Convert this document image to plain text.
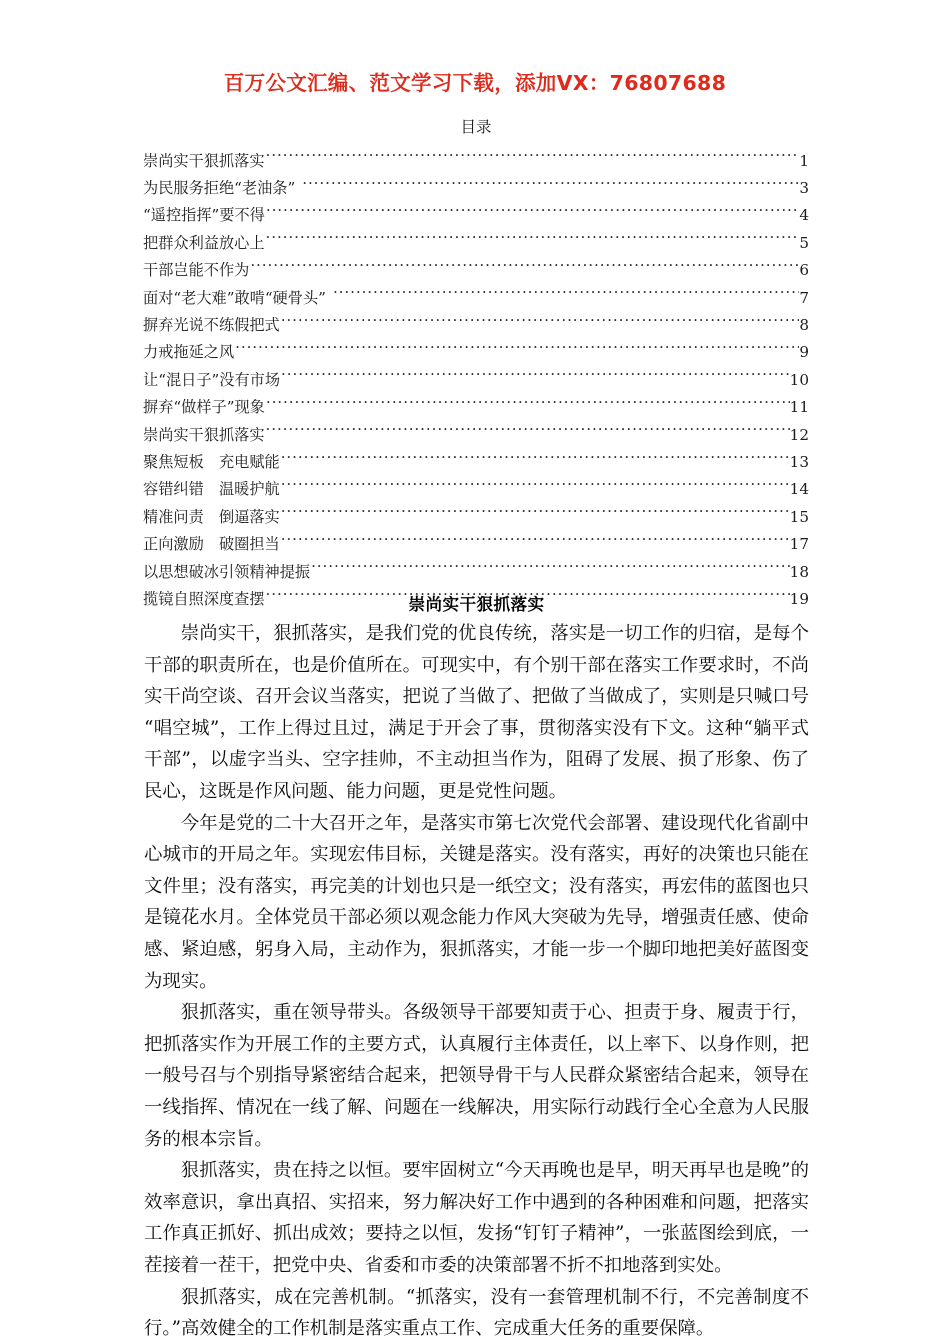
百万公文汇编、范文学习下载，添加VX：76807688
目录
崇尚实干狠抓落实 .....	1
为民服务拒绝“老油条” .....	3
“遥控指挥”要不得 .....	4
把群众利益放心上 .....	5
干部岂能不作为 .....	6
面对“老大难”敢啃“硬骨头” .....	7
摒弃光说不练假把式 .....	8
力戒拖延之风 .....	9
让“混日子”没有市场 .....	10
摒弃“做样子”现象 .....	11
崇尚实干狠抓落实 .....	12
聚焦短板　充电赋能 .....	13
容错纠错　温暖护航 .....	14
精准问责　倒逼落实 .....	15
正向激励　破圈担当 .....	17
以思想破冰引领精神提振 .....	18
揽镜自照深度查摆 .....	19
崇尚实干狠抓落实

崇尚实干，狠抓落实，是我们党的优良传统，落实是一切工作的归宿，是每个干部的职责所在，也是价值所在。可现实中，有个别干部在落实工作要求时，不尚实干尚空谈、召开会议当落实，把说了当做了、把做了当做成了，实则是只喊口号“唱空城”，工作上得过且过，满足于开会了事，贯彻落实没有下文。这种“躺平式干部”，以虚字当头、空字挂帅，不主动担当作为，阻碍了发展、损了形象、伤了民心，这既是作风问题、能力问题，更是党性问题。

今年是党的二十大召开之年，是落实市第七次党代会部署、建设现代化省副中心城市的开局之年。实现宏伟目标，关键是落实。没有落实，再好的决策也只能在文件里；没有落实，再完美的计划也只是一纸空文；没有落实，再宏伟的蓝图也只是镜花水月。全体党员干部必须以观念能力作风大突破为先导，增强责任感、使命感、紧迫感，躬身入局，主动作为，狠抓落实，才能一步一个脚印地把美好蓝图变为现实。

狠抓落实，重在领导带头。各级领导干部要知责于心、担责于身、履责于行，把抓落实作为开展工作的主要方式，认真履行主体责任，以上率下、以身作则，把一般号召与个别指导紧密结合起来，把领导骨干与人民群众紧密结合起来，领导在一线指挥、情况在一线了解、问题在一线解决，用实际行动践行全心全意为人民服务的根本宗旨。

狠抓落实，贵在持之以恒。要牢固树立“今天再晚也是早，明天再早也是晚”的效率意识，拿出真招、实招来，努力解决好工作中遇到的各种困难和问题，把落实工作真正抓好、抓出成效；要持之以恒，发扬“钉钉子精神”，一张蓝图绘到底，一茬接着一茬干，把党中央、省委和市委的决策部署不折不扣地落到实处。

狠抓落实，成在完善机制。“抓落实，没有一套管理机制不行，不完善制度不行。”高效健全的工作机制是落实重点工作、完成重大任务的重要保障。
